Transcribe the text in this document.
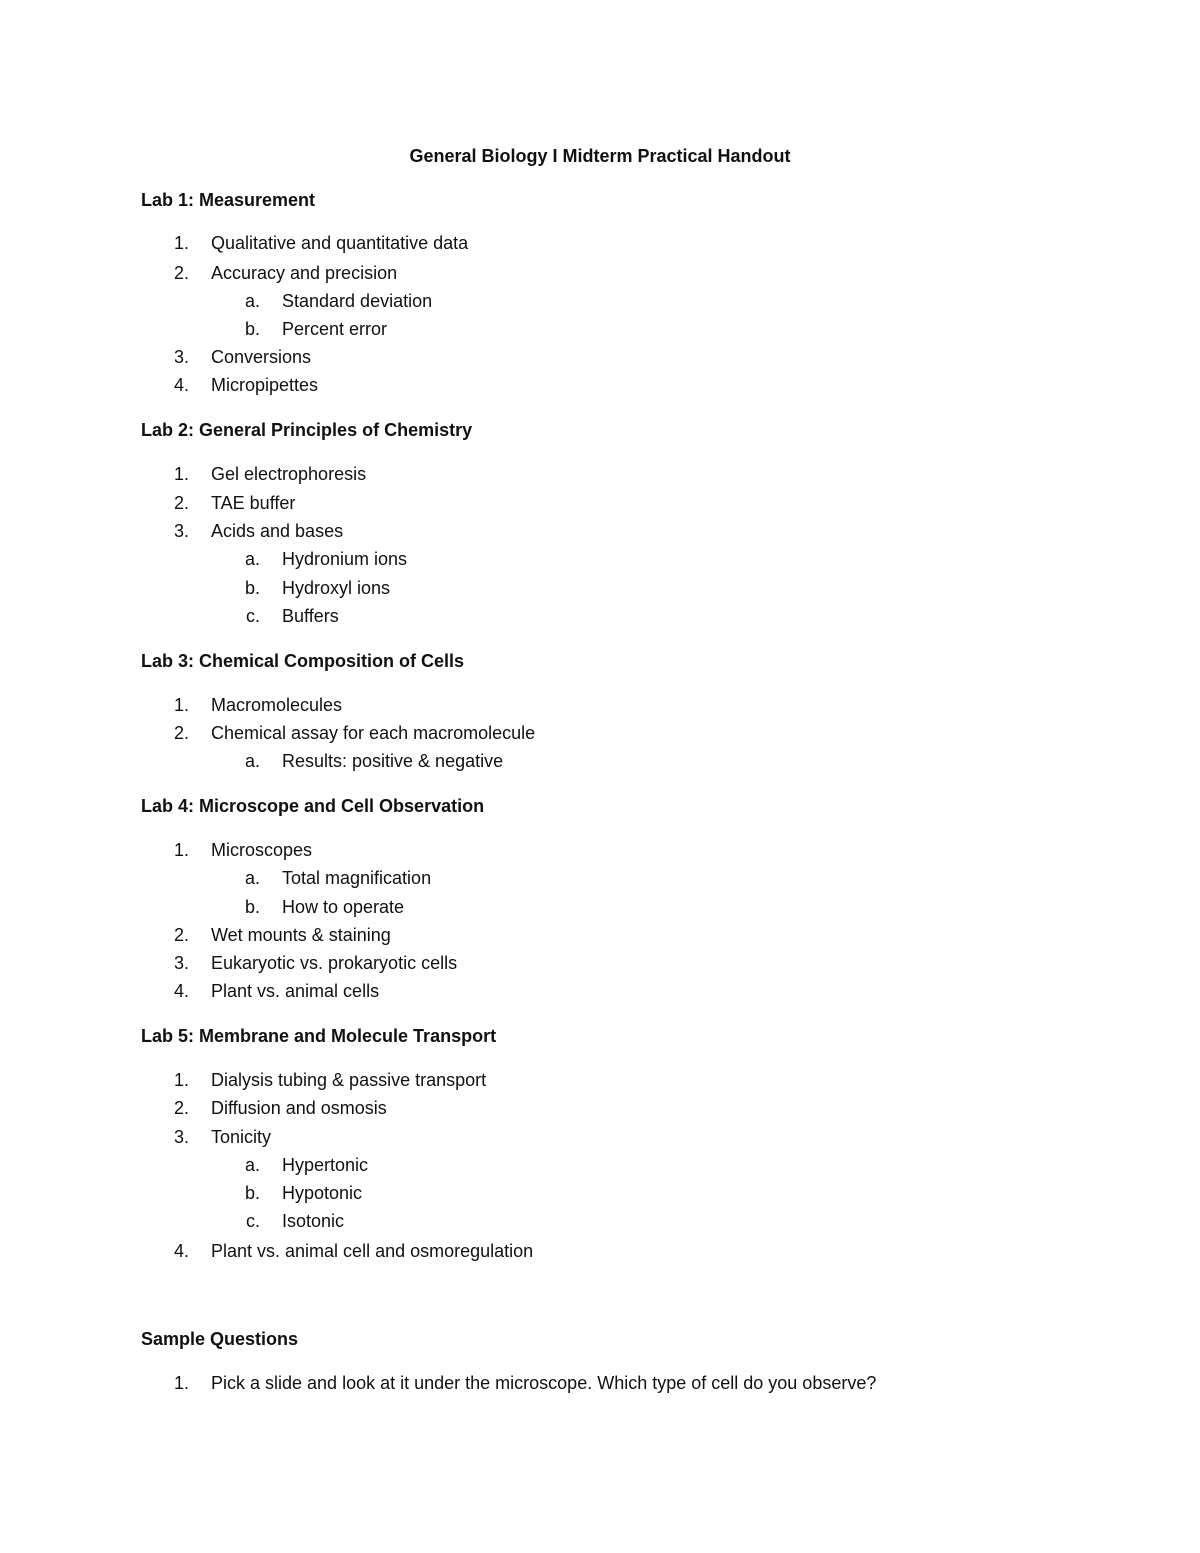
General Biology I Midterm Practical Handout
Lab 1: Measurement
1. Qualitative and quantitative data
2. Accuracy and precision
a. Standard deviation
b. Percent error
3. Conversions
4. Micropipettes
Lab 2: General Principles of Chemistry
1. Gel electrophoresis
2. TAE buffer
3. Acids and bases
a. Hydronium ions
b. Hydroxyl ions
c. Buffers
Lab 3: Chemical Composition of Cells
1. Macromolecules
2. Chemical assay for each macromolecule
a. Results: positive & negative
Lab 4: Microscope and Cell Observation
1. Microscopes
a. Total magnification
b. How to operate
2. Wet mounts & staining
3. Eukaryotic vs. prokaryotic cells
4. Plant vs. animal cells
Lab 5: Membrane and Molecule Transport
1. Dialysis tubing & passive transport
2. Diffusion and osmosis
3. Tonicity
a. Hypertonic
b. Hypotonic
c. Isotonic
4. Plant vs. animal cell and osmoregulation
Sample Questions
1. Pick a slide and look at it under the microscope. Which type of cell do you observe?
